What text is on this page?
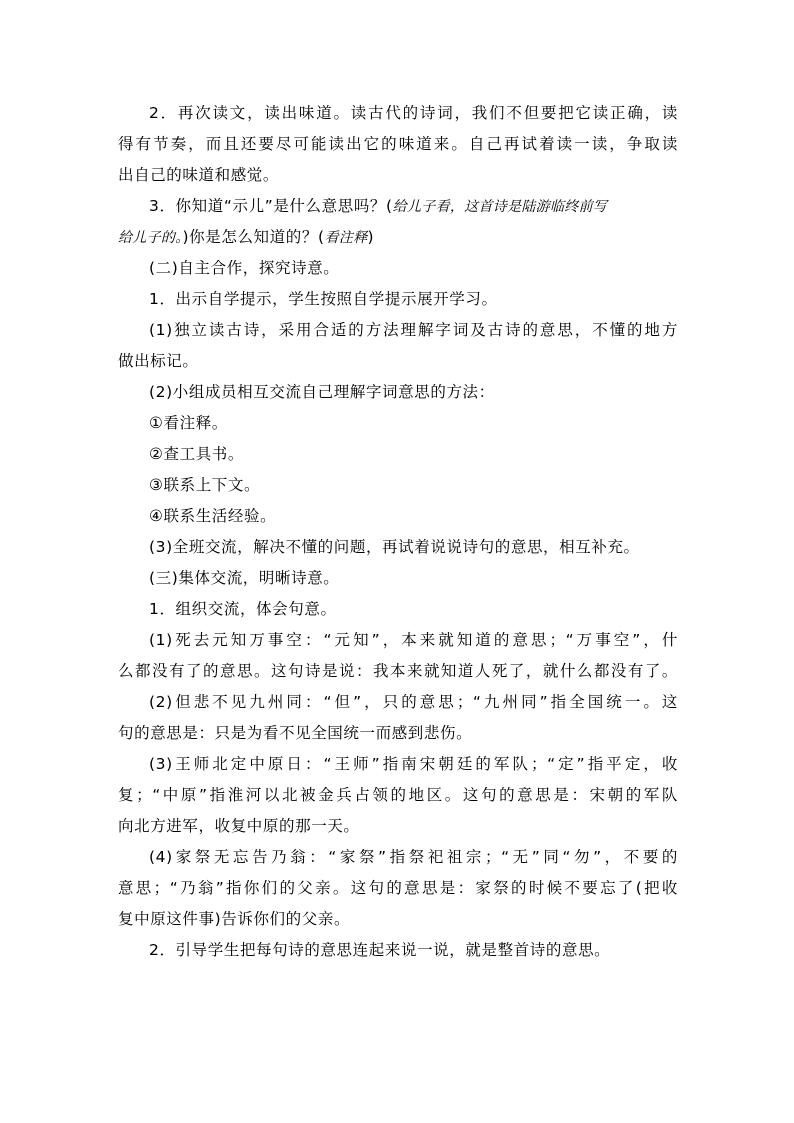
2．再次读文，读出味道。读古代的诗词，我们不但要把它读正确，读
得有节奏，而且还要尽可能读出它的味道来。自己再试着读一读，争取读
出自己的味道和感觉。
3．你知道“示儿”是什么意思吗？(给儿子看，这首诗是陆游临终前写
给儿子的。)你是怎么知道的？(看注释)
(二)自主合作，探究诗意。
1．出示自学提示，学生按照自学提示展开学习。
(1)独立读古诗，采用合适的方法理解字词及古诗的意思，不懂的地方
做出标记。
(2)小组成员相互交流自己理解字词意思的方法：
①看注释。
②查工具书。
③联系上下文。
④联系生活经验。
(3)全班交流，解决不懂的问题，再试着说说诗句的意思，相互补充。
(三)集体交流，明晰诗意。
1．组织交流，体会句意。
(1)死去元知万事空：“元知”，本来就知道的意思；“万事空”，什
么都没有了的意思。这句诗是说：我本来就知道人死了，就什么都没有了。
(2)但悲不见九州同：“但”，只的意思；“九州同”指全国统一。这
句的意思是：只是为看不见全国统一而感到悲伤。
(3)王师北定中原日：“王师”指南宋朝廷的军队；“定”指平定，收
复；“中原”指淮河以北被金兵占领的地区。这句的意思是：宋朝的军队
向北方进军，收复中原的那一天。
(4)家祭无忘告乃翁：“家祭”指祭祀祖宗；“无”同“勿”，不要的
意思；“乃翁”指你们的父亲。这句的意思是：家祭的时候不要忘了(把收
复中原这件事)告诉你们的父亲。
2．引导学生把每句诗的意思连起来说一说，就是整首诗的意思。
